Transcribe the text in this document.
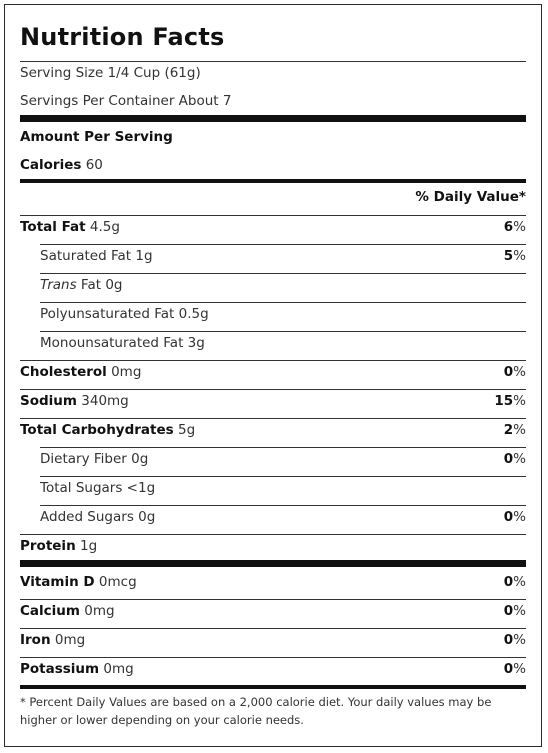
Nutrition Facts
Serving Size 1/4 Cup (61g)
Servings Per Container About 7
Amount Per Serving
Calories 60
% Daily Value*
Total Fat 4.5g	6%
Saturated Fat 1g	5%
Trans Fat 0g
Polyunsaturated Fat 0.5g
Monounsaturated Fat 3g
Cholesterol 0mg	0%
Sodium 340mg	15%
Total Carbohydrates 5g	2%
Dietary Fiber 0g	0%
Total Sugars <1g
Added Sugars 0g	0%
Protein 1g
Vitamin D 0mcg	0%
Calcium 0mg	0%
Iron 0mg	0%
Potassium 0mg	0%
* Percent Daily Values are based on a 2,000 calorie diet. Your daily values may be higher or lower depending on your calorie needs.
